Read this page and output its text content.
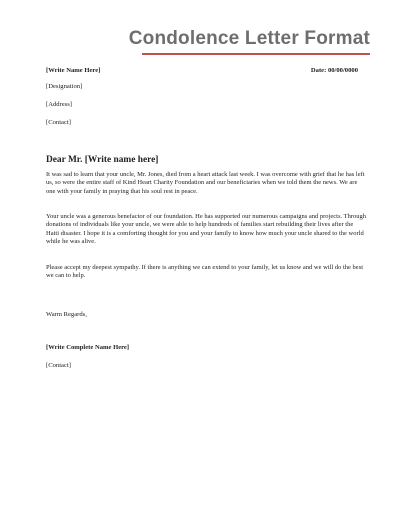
Condolence Letter Format
[Write Name Here]	Date: 00/00/0000
[Designation]
[Address]
[Contact]
Dear Mr. [Write name here]
It was sad to learn that your uncle, Mr. Jones, died from a heart attack last week. I was overcome with grief that he has left us, so were the entire staff of Kind Heart Charity Foundation and our beneficiaries when we told them the news. We are one with your family in praying that his soul rest in peace.
Your uncle was a generous benefactor of our foundation. He has supported our numerous campaigns and projects. Through donations of individuals like your uncle, we were able to help hundreds of families start rebuilding their lives after the Haiti disaster. I hope it is a comforting thought for you and your family to know how much your uncle shared to the world while he was alive.
Please accept my deepest sympathy. If there is anything we can extend to your family, let us know and we will do the best we can to help.
Warm Regards,
[Write Complete Name Here]
[Contact]
